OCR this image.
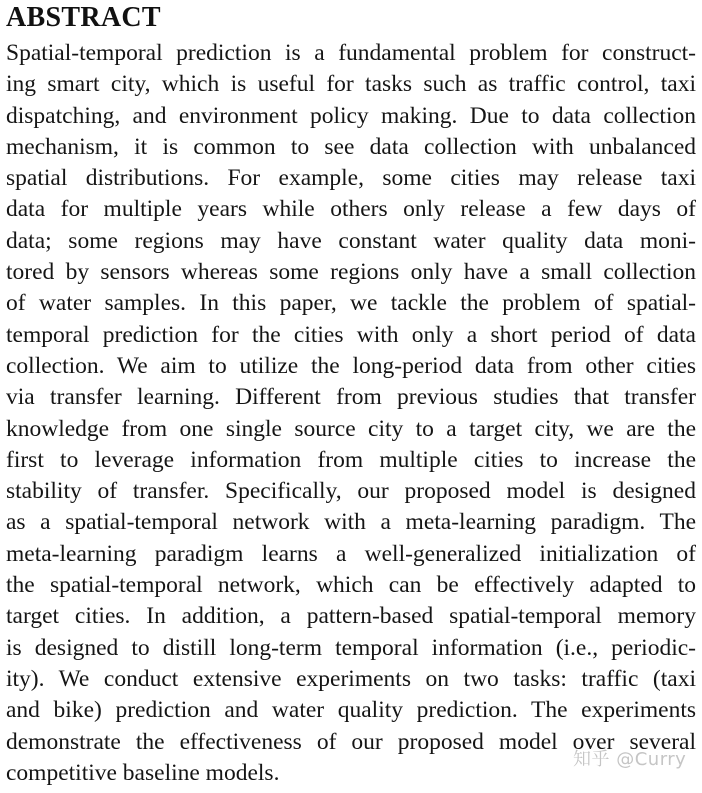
ABSTRACT
Spatial-temporal prediction is a fundamental problem for construct-
ing smart city, which is useful for tasks such as traffic control, taxi
dispatching, and environment policy making. Due to data collection
mechanism, it is common to see data collection with unbalanced
spatial distributions. For example, some cities may release taxi
data for multiple years while others only release a few days of
data; some regions may have constant water quality data moni-
tored by sensors whereas some regions only have a small collection
of water samples. In this paper, we tackle the problem of spatial-
temporal prediction for the cities with only a short period of data
collection. We aim to utilize the long-period data from other cities
via transfer learning. Different from previous studies that transfer
knowledge from one single source city to a target city, we are the
first to leverage information from multiple cities to increase the
stability of transfer. Specifically, our proposed model is designed
as a spatial-temporal network with a meta-learning paradigm. The
meta-learning paradigm learns a well-generalized initialization of
the spatial-temporal network, which can be effectively adapted to
target cities. In addition, a pattern-based spatial-temporal memory
is designed to distill long-term temporal information (i.e., periodic-
ity). We conduct extensive experiments on two tasks: traffic (taxi
and bike) prediction and water quality prediction. The experiments
demonstrate the effectiveness of our proposed model over several
competitive baseline models.
知乎 @Curry
